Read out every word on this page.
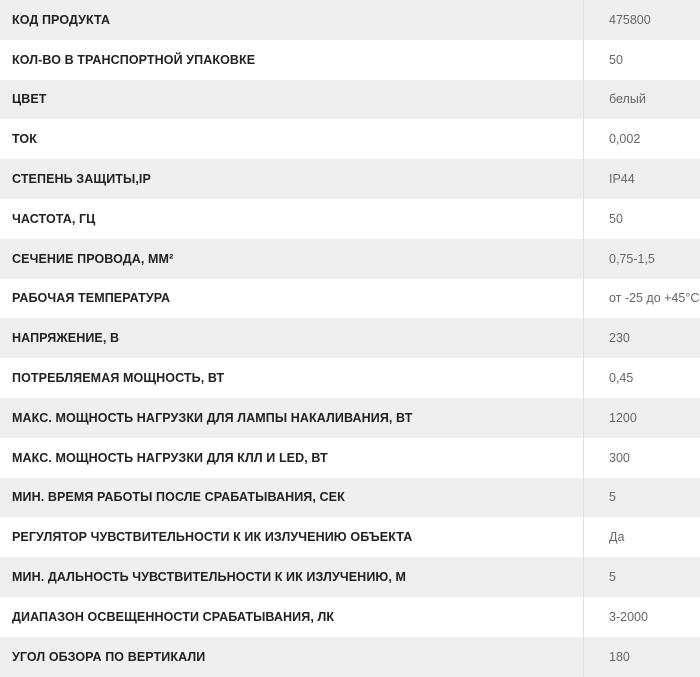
КОД ПРОДУКТА	475800
КОЛ-ВО В ТРАНСПОРТНОЙ УПАКОВКЕ	50
ЦВЕТ	белый
ТОК	0,002
СТЕПЕНЬ ЗАЩИТЫ,IP	IP44
ЧАСТОТА, ГЦ	50
СЕЧЕНИЕ ПРОВОДА, ММ²	0,75-1,5
РАБОЧАЯ ТЕМПЕРАТУРА	от -25 до +45°C
НАПРЯЖЕНИЕ, В	230
ПОТРЕБЛЯЕМАЯ МОЩНОСТЬ, ВТ	0,45
МАКС. МОЩНОСТЬ НАГРУЗКИ ДЛЯ ЛАМПЫ НАКАЛИВАНИЯ, ВТ	1200
МАКС. МОЩНОСТЬ НАГРУЗКИ ДЛЯ КЛЛ И LED, ВТ	300
МИН. ВРЕМЯ РАБОТЫ ПОСЛЕ СРАБАТЫВАНИЯ, СЕК	5
РЕГУЛЯТОР ЧУВСТВИТЕЛЬНОСТИ К ИК ИЗЛУЧЕНИЮ ОБЪЕКТА	Да
МИН. ДАЛЬНОСТЬ ЧУВСТВИТЕЛЬНОСТИ К ИК ИЗЛУЧЕНИЮ, М	5
ДИАПАЗОН ОСВЕЩЕННОСТИ СРАБАТЫВАНИЯ, ЛК	3-2000
УГОЛ ОБЗОРА ПО ВЕРТИКАЛИ	180
